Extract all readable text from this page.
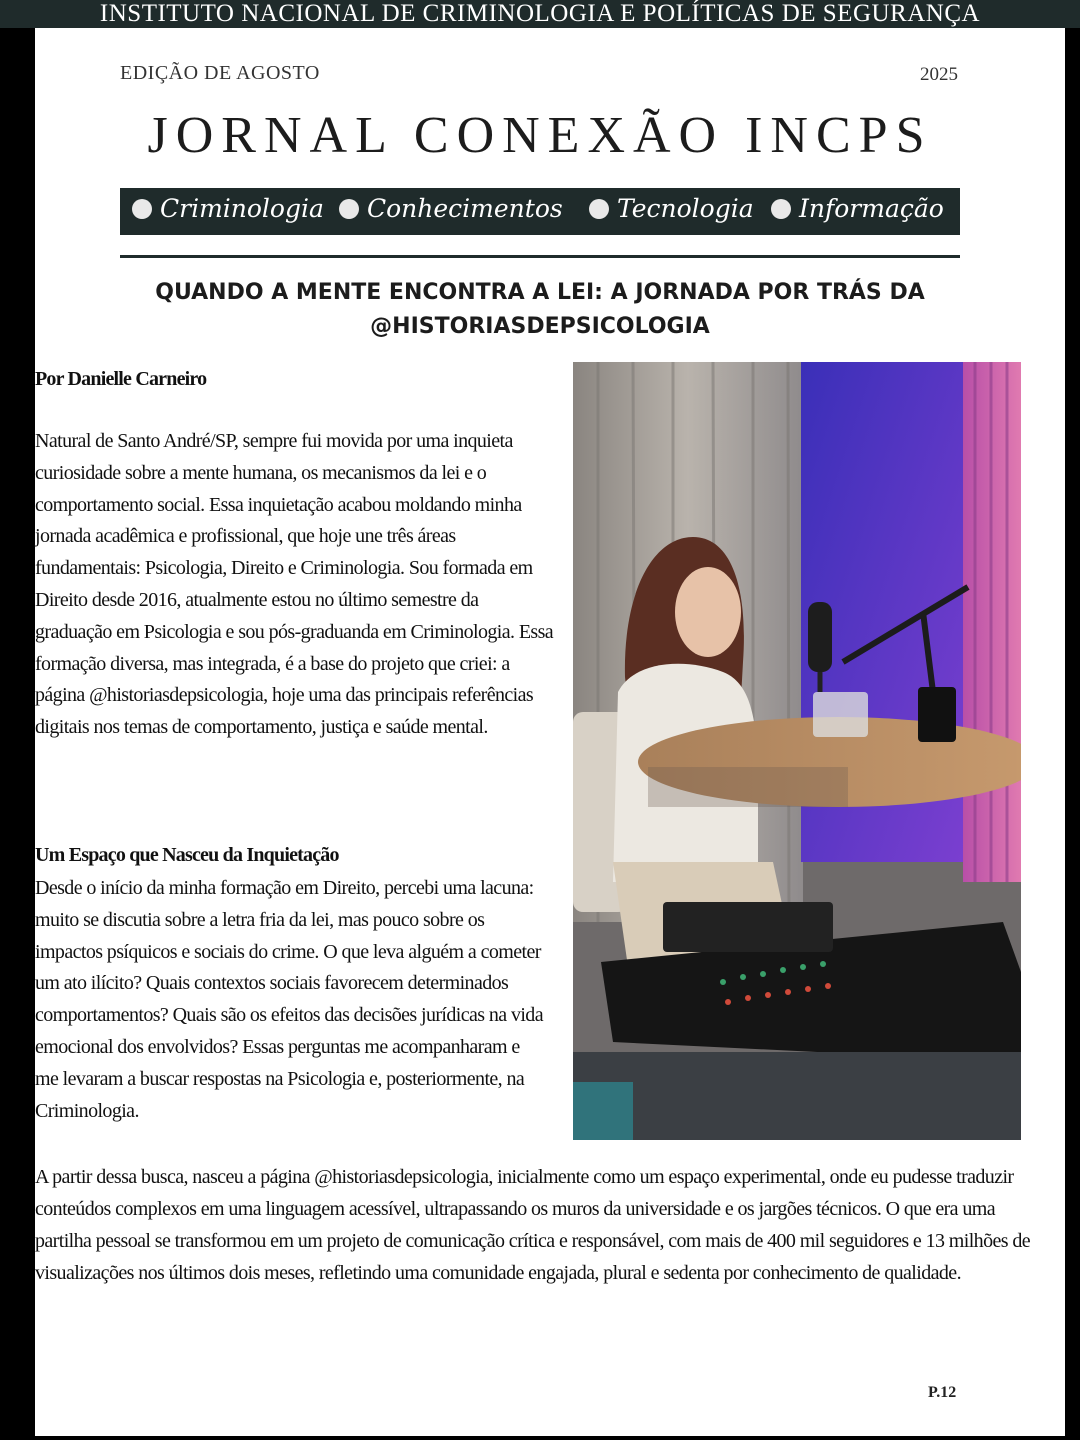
INSTITUTO NACIONAL DE CRIMINOLOGIA E POLÍTICAS DE SEGURANÇA
EDIÇÃO DE AGOSTO	2025
JORNAL CONEXÃO INCPS
Criminologia Conhecimentos Tecnologia Informação
QUANDO A MENTE ENCONTRA A LEI: A JORNADA POR TRÁS DA
@HISTORIASDEPSICOLOGIA
Por Danielle Carneiro
Natural de Santo André/SP, sempre fui movida por uma inquieta curiosidade sobre a mente humana, os mecanismos da lei e o comportamento social. Essa inquietação acabou moldando minha jornada acadêmica e profissional, que hoje une três áreas fundamentais: Psicologia, Direito e Criminologia. Sou formada em Direito desde 2016, atualmente estou no último semestre da graduação em Psicologia e sou pós-graduanda em Criminologia. Essa formação diversa, mas integrada, é a base do projeto que criei: a página @historiasdepsicologia, hoje uma das principais referências digitais nos temas de comportamento, justiça e saúde mental.
Um Espaço que Nasceu da Inquietação
Desde o início da minha formação em Direito, percebi uma lacuna: muito se discutia sobre a letra fria da lei, mas pouco sobre os impactos psíquicos e sociais do crime. O que leva alguém a cometer um ato ilícito? Quais contextos sociais favorecem determinados comportamentos? Quais são os efeitos das decisões jurídicas na vida emocional dos envolvidos? Essas perguntas me acompanharam e me levaram a buscar respostas na Psicologia e, posteriormente, na Criminologia.
A partir dessa busca, nasceu a página @historiasdepsicologia, inicialmente como um espaço experimental, onde eu pudesse traduzir conteúdos complexos em uma linguagem acessível, ultrapassando os muros da universidade e os jargões técnicos. O que era uma partilha pessoal se transformou em um projeto de comunicação crítica e responsável, com mais de 400 mil seguidores e 13 milhões de visualizações nos últimos dois meses, refletindo uma comunidade engajada, plural e sedenta por conhecimento de qualidade.
P.12
